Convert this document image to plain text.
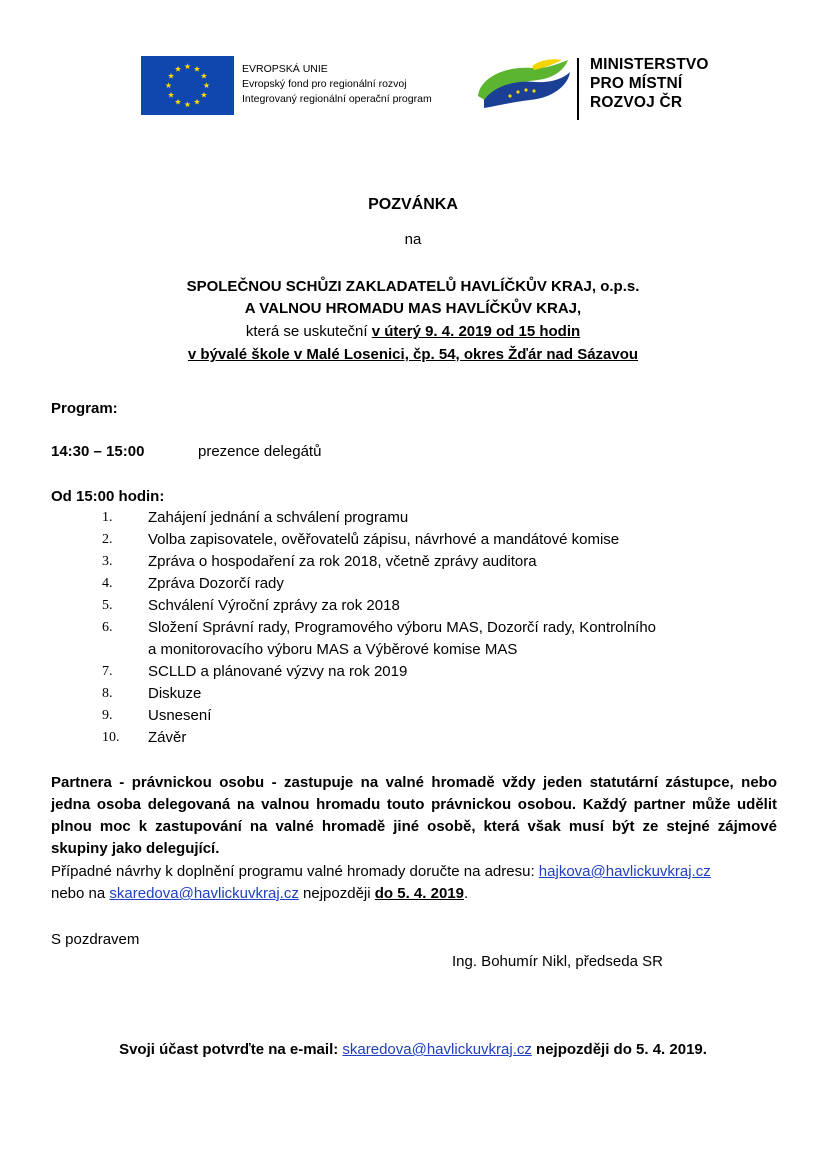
EVROPSKÁ UNIE
Evropský fond pro regionální rozvoj
Integrovaný regionální operační program
MINISTERSTVO
PRO MÍSTNÍ
ROZVOJ ČR
POZVÁNKA
na
SPOLEČNOU SCHŮZI ZAKLADATELŮ HAVLÍČKŮV KRAJ, o.p.s.
A VALNOU HROMADU MAS HAVLÍČKŮV KRAJ,
která se uskuteční v úterý 9. 4. 2019 od 15 hodin
v bývalé škole v Malé Losenici, čp. 54, okres Žďár nad Sázavou
Program:
14:30 – 15:00	prezence delegátů
Od 15:00 hodin:
1. Zahájení jednání a schválení programu
2. Volba zapisovatele, ověřovatelů zápisu, návrhové a mandátové komise
3. Zpráva o hospodaření za rok 2018, včetně zprávy auditora
4. Zpráva Dozorčí rady
5. Schválení Výroční zprávy za rok 2018
6. Složení Správní rady, Programového výboru MAS, Dozorčí rady, Kontrolního
a monitorovacího výboru MAS a Výběrové komise MAS
7. SCLLD a plánované výzvy na rok 2019
8. Diskuze
9. Usnesení
10. Závěr
Partnera - právnickou osobu - zastupuje na valné hromadě vždy jeden statutární zástupce, nebo
jedna osoba delegovaná na valnou hromadu touto právnickou osobou. Každý partner může udělit
plnou moc k zastupování na valné hromadě jiné osobě, která však musí být ze stejné zájmové
skupiny jako delegující.
Případné návrhy k doplnění programu valné hromady doručte na adresu: hajkova@havlickuvkraj.cz
nebo na skaredova@havlickuvkraj.cz nejpozději do 5. 4. 2019.
S pozdravem
Ing. Bohumír Nikl, předseda SR
Svoji účast potvrďte na e-mail: skaredova@havlickuvkraj.cz nejpozději do 5. 4. 2019.
